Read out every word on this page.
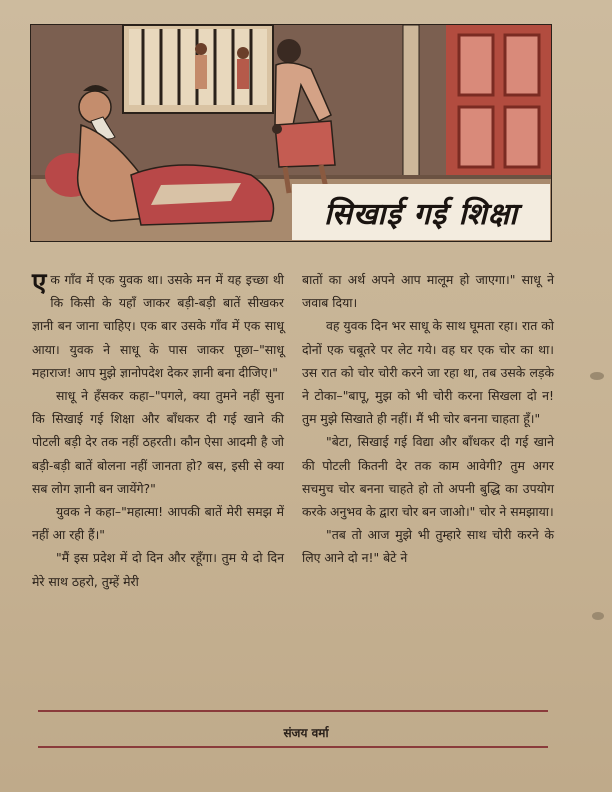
सिखाई गई शिक्षा

एक गाँव में एक युवक था। उसके मन में यह इच्छा थी कि किसी के यहाँ जाकर बड़ी-बड़ी बातें सीखकर ज्ञानी बन जाना चाहिए। एक बार उसके गाँव में एक साधू आया। युवक ने साधू के पास जाकर पूछा–"साधू महाराज! आप मुझे ज्ञानोपदेश देकर ज्ञानी बना दीजिए।"

साधू ने हँसकर कहा–"पगले, क्या तुमने नहीं सुना कि सिखाई गई शिक्षा और बाँधकर दी गई खाने की पोटली बड़ी देर तक नहीं ठहरती। कौन ऐसा आदमी है जो बड़ी-बड़ी बातें बोलना नहीं जानता हो? बस, इसी से क्या सब लोग ज्ञानी बन जायेंगे?"

युवक ने कहा–"महात्मा! आपकी बातें मेरी समझ में नहीं आ रही हैं।"

"मैं इस प्रदेश में दो दिन और रहूँगा। तुम ये दो दिन मेरे साथ ठहरो, तुम्हें मेरी

बातों का अर्थ अपने आप मालूम हो जाएगा।" साधू ने जवाब दिया।

वह युवक दिन भर साधू के साथ घूमता रहा। रात को दोनों एक चबूतरे पर लेट गये। वह घर एक चोर का था। उस रात को चोर चोरी करने जा रहा था, तब उसके लड़के ने टोका–"बापू, मुझ को भी चोरी करना सिखला दो न! तुम मुझे सिखाते ही नहीं। मैं भी चोर बनना चाहता हूँ।"

"बेटा, सिखाई गई विद्या और बाँधकर दी गई खाने की पोटली कितनी देर तक काम आवेगी? तुम अगर सचमुच चोर बनना चाहते हो तो अपनी बुद्धि का उपयोग करके अनुभव के द्वारा चोर बन जाओ।" चोर ने समझाया।

"तब तो आज मुझे भी तुम्हारे साथ चोरी करने के लिए आने दो न!" बेटे ने

संजय वर्मा
